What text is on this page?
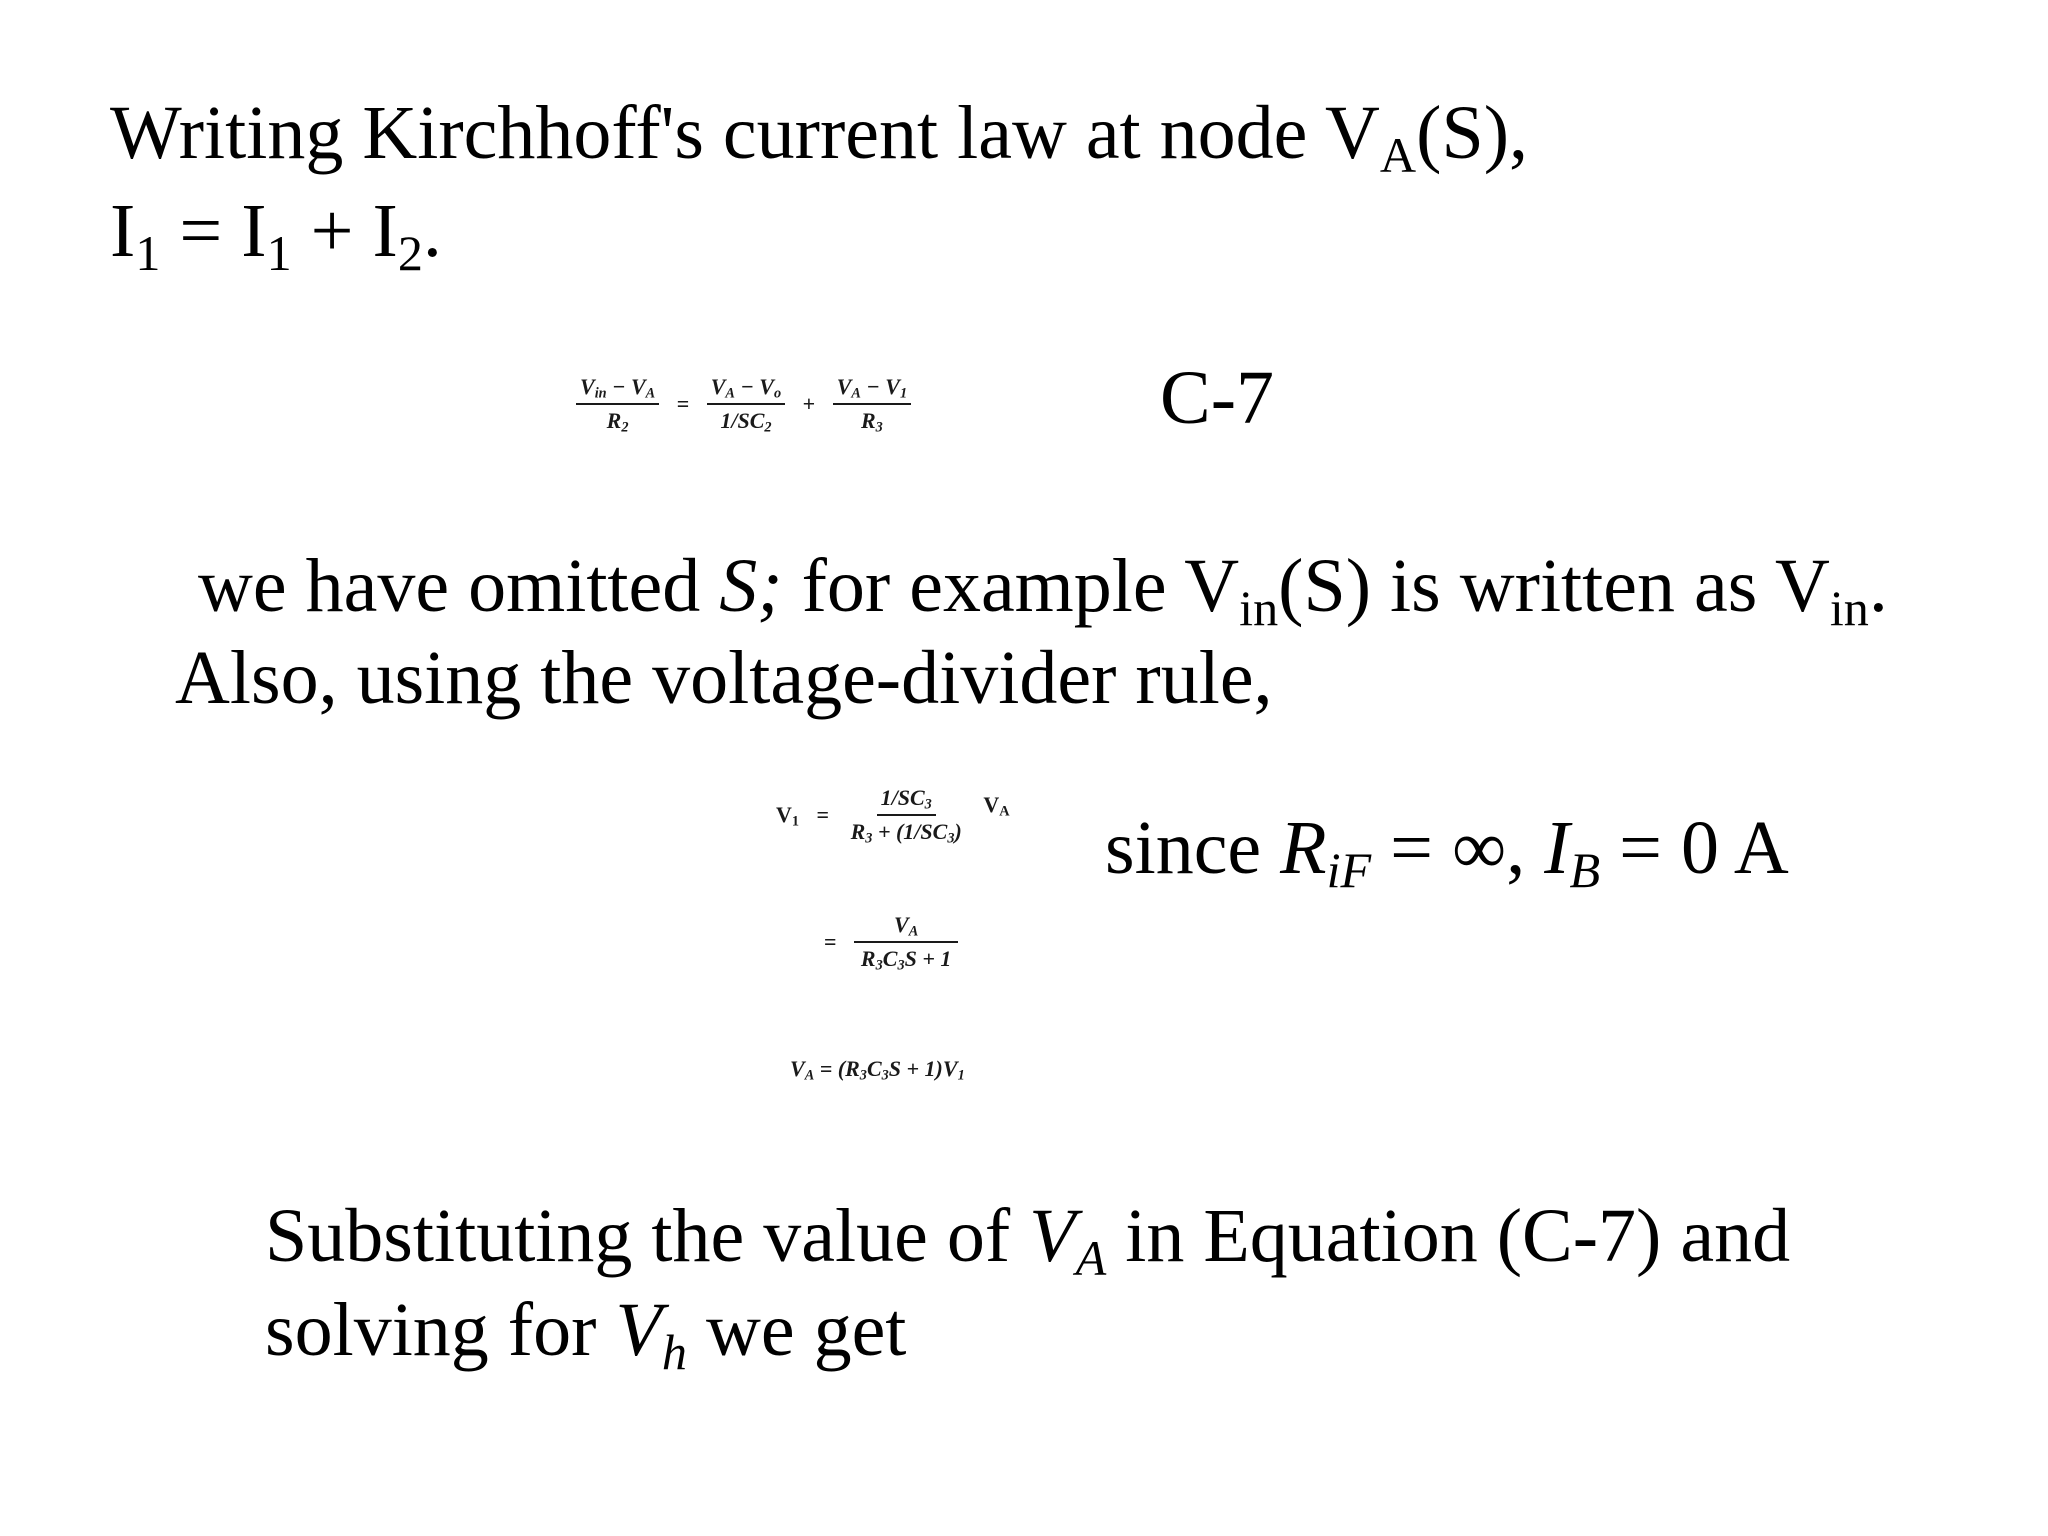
Writing Kirchhoff's current law at node $V_A(S)$,
$I_1 = I_1 + I_2$.
$\frac{V_{in} - V_A}{R_2} = \frac{V_A - V_o}{1/SC_2} + \frac{V_A - V_1}{R_3}$	C-7
we have omitted S; for example $V_{in}(S)$ is written as $V_{in}$.
Also, using the voltage-divider rule,
$V_1 = \frac{1/SC_3}{R_3 + (1/SC_3)} V_A$
= $\frac{V_A}{R_3C_3S + 1}$
$V_A = (R_3C_3S + 1)V_1$
since $R_{iF}$ = ∞, $I_B = 0$ A
Substituting the value of $V_A$ in Equation (C-7) and
solving for $V_h$ we get
